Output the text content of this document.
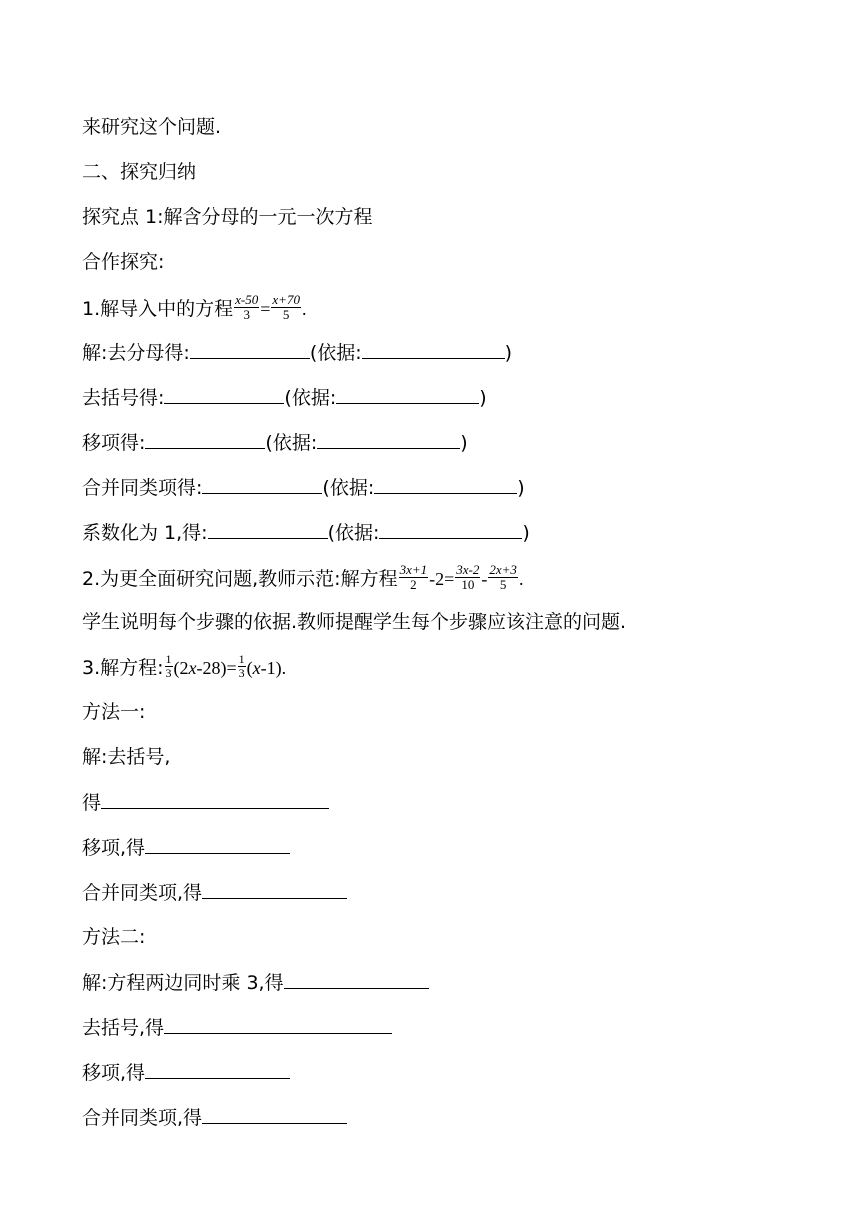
来研究这个问题.
二、探究归纳
探究点 1:解含分母的一元一次方程
合作探究:
1.解导入中的方程 $\frac{x-50}{3} = \frac{x+70}{5}$ .
解:去分母得:	(依据:	)
去括号得:	(依据:	)
移项得:	(依据:	)
合并同类项得:	(依据:	)
系数化为 1,得:	(依据:	)
2.为更全面研究问题,教师示范:解方程 $\frac{3x+1}{2} -2= \frac{3x-2}{10} - \frac{2x+3}{5}$ .
学生说明每个步骤的依据.教师提醒学生每个步骤应该注意的问题.
3.解方程: $\frac{1}{3} (2x-28)= \frac{1}{3} (x-1)$.
方法一:
解:去括号,
得
移项,得
合并同类项,得
方法二:
解:方程两边同时乘 3,得
去括号,得
移项,得
合并同类项,得
